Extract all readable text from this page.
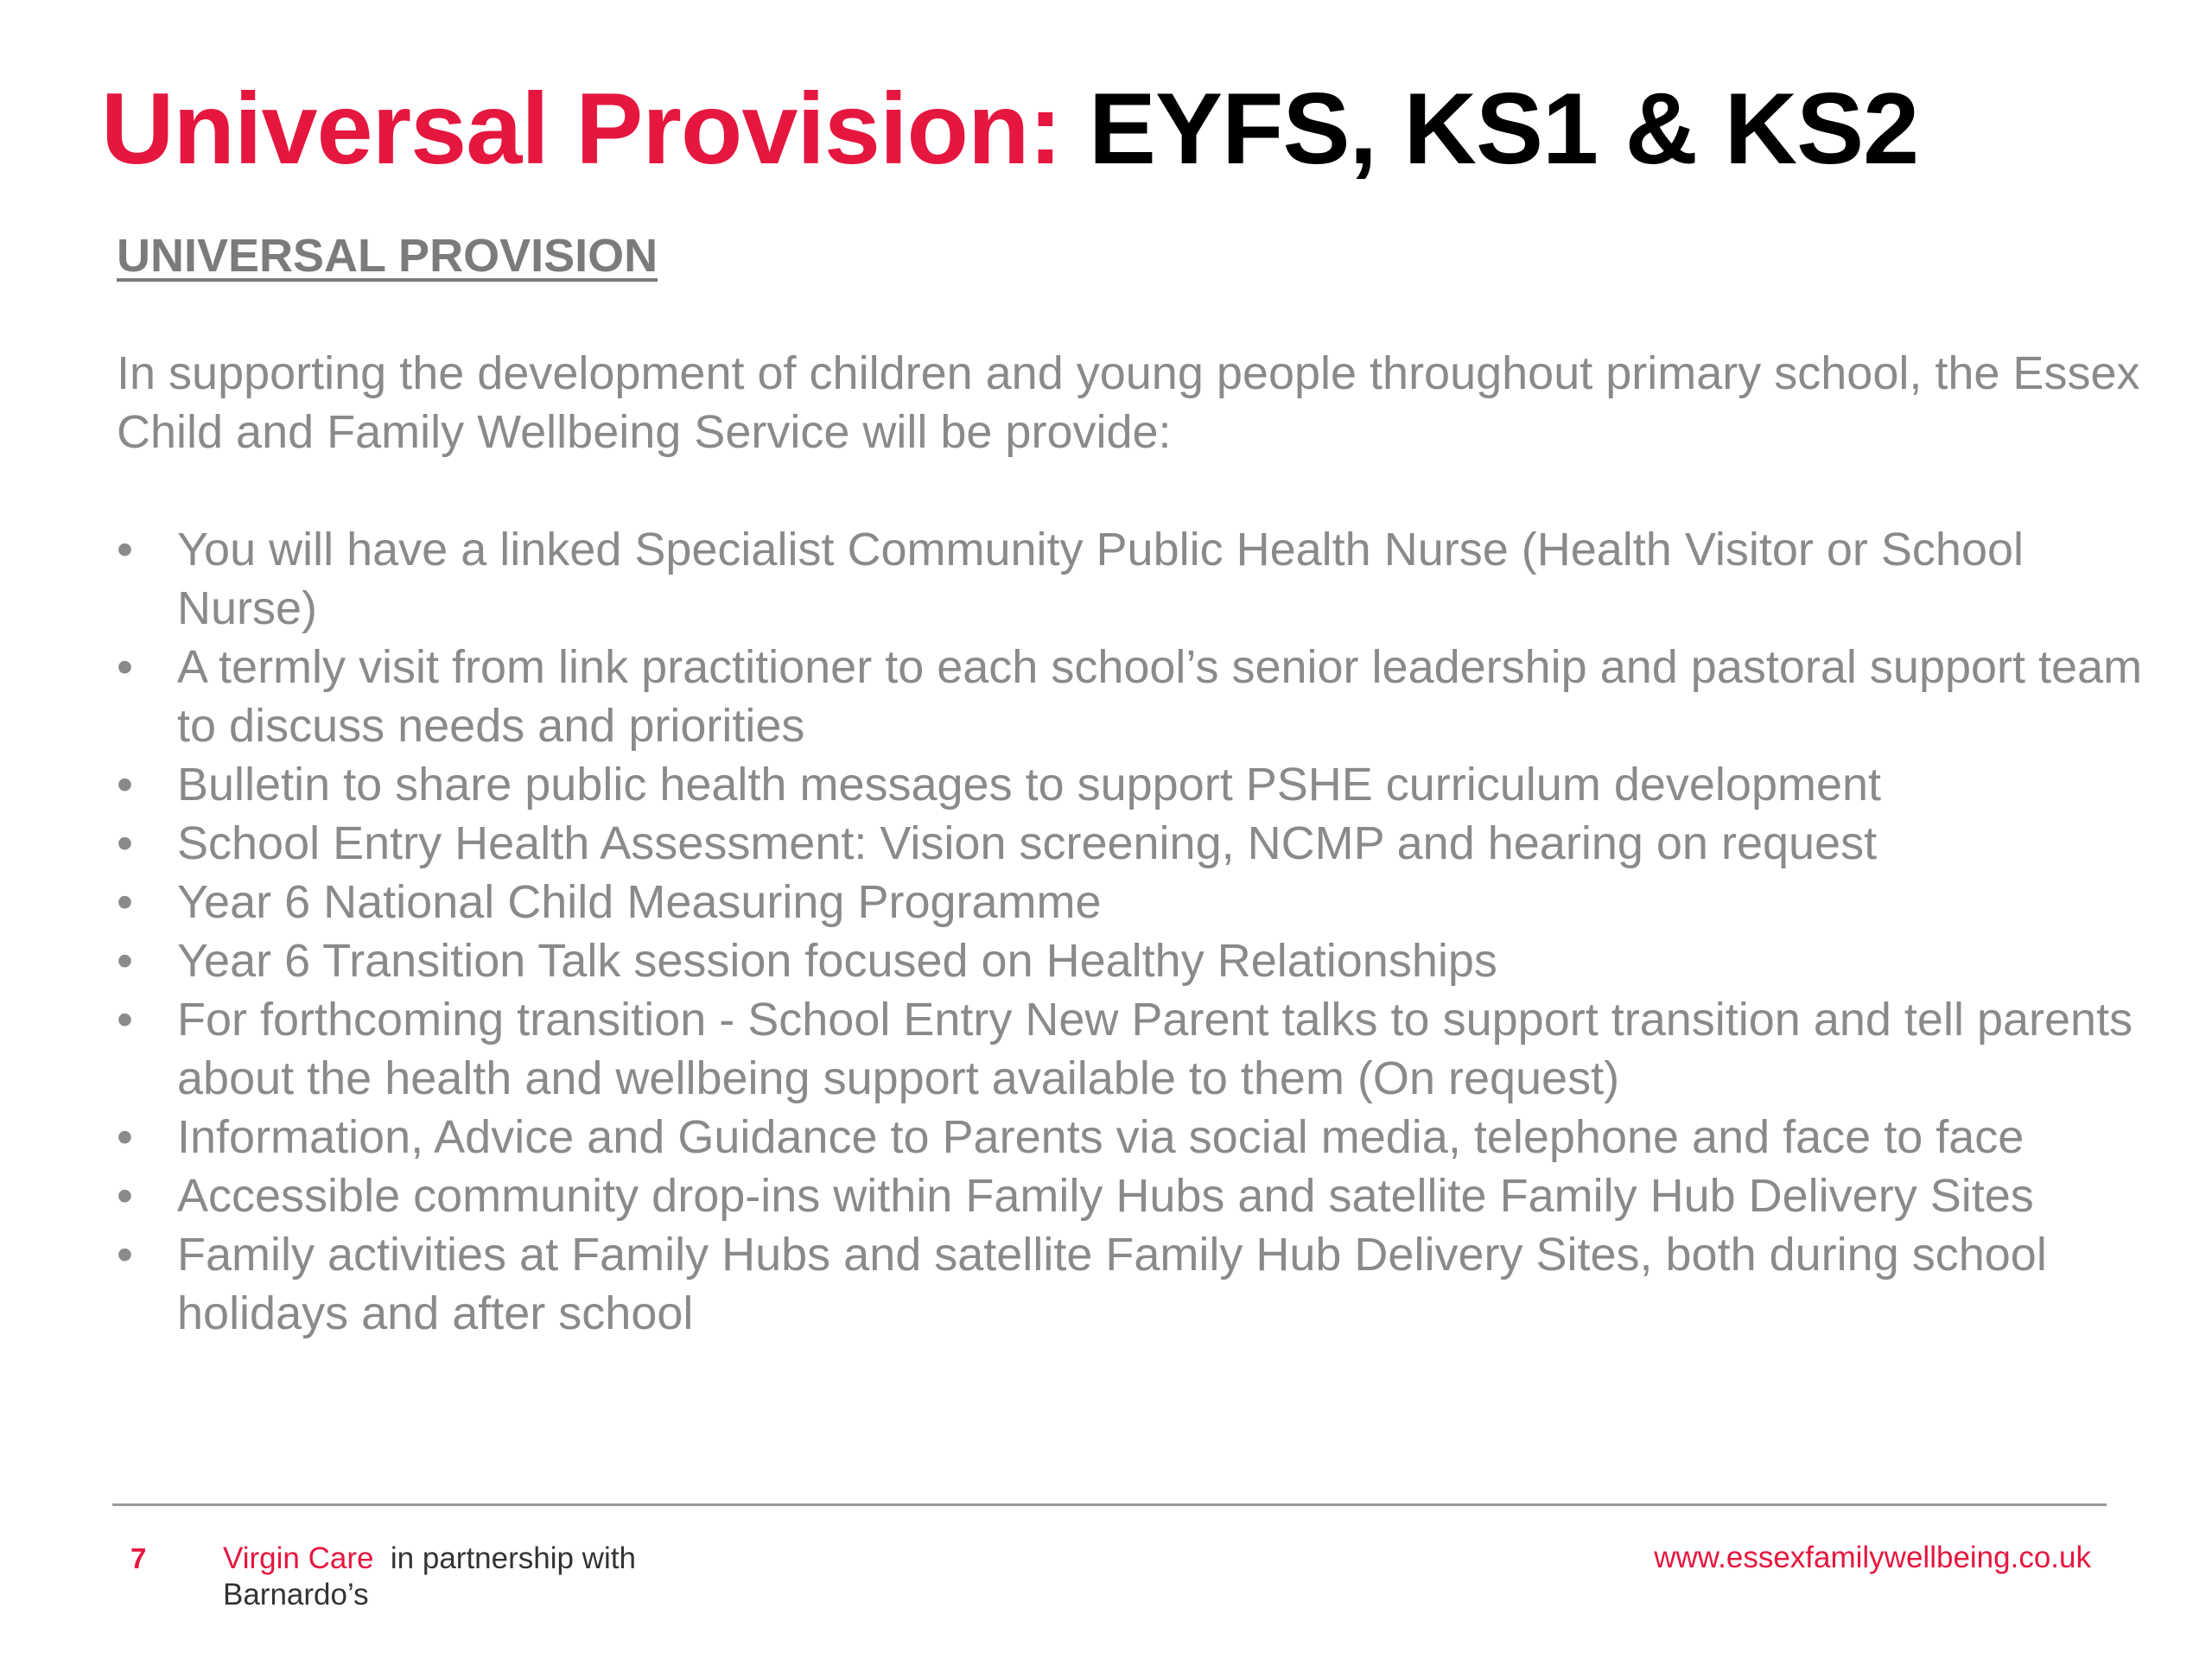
Universal Provision: EYFS, KS1 & KS2
UNIVERSAL PROVISION

In supporting the development of children and young people throughout primary school, the Essex Child and Family Wellbeing Service will be provide:

• You will have a linked Specialist Community Public Health Nurse (Health Visitor or School Nurse)
• A termly visit from link practitioner to each school’s senior leadership and pastoral support team to discuss needs and priorities
• Bulletin to share public health messages to support PSHE curriculum development
• School Entry Health Assessment: Vision screening, NCMP and hearing on request
• Year 6 National Child Measuring Programme
• Year 6 Transition Talk session focused on Healthy Relationships
• For forthcoming transition - School Entry New Parent talks to support transition and tell parents about the health and wellbeing support available to them (On request)
• Information, Advice and Guidance to Parents via social media, telephone and face to face
• Accessible community drop-ins within Family Hubs and satellite Family Hub Delivery Sites
• Family activities at Family Hubs and satellite Family Hub Delivery Sites, both during school holidays and after school
7	Virgin Care in partnership with
Barnardo’s
www.essexfamilywellbeing.co.uk
